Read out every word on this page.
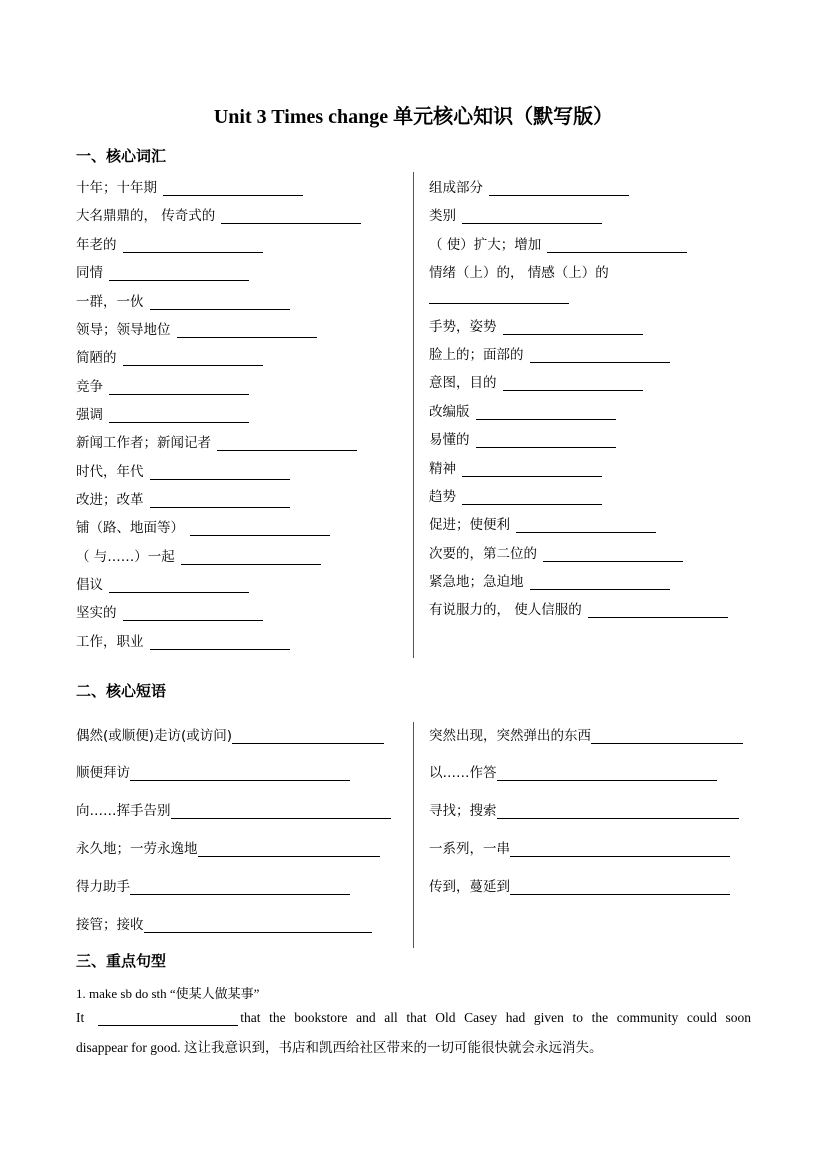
Unit 3 Times change 单元核心知识（默写版）
一、核心词汇
十年；十年期
大名鼎鼎的， 传奇式的
年老的
同情
一群，一伙
领导；领导地位
简陋的
竞争
强调
新闻工作者；新闻记者
时代，年代
改进；改革
铺（路、地面等）
（ 与……）一起
倡议
坚实的
工作，职业
组成部分
类别
（ 使）扩大；增加
情绪（上）的， 情感（上）的
手势，姿势
脸上的；面部的
意图，目的
改编版
易懂的
精神
趋势
促进；使便利
次要的，第二位的
紧急地；急迫地
有说服力的， 使人信服的
二、核心短语
偶然(或顺便)走访(或访问)
顺便拜访
向……挥手告别
永久地；一劳永逸地
得力助手
接管；接收
突然出现，突然弹出的东西
以……作答
寻找；搜索
一系列，一串
传到，蔓延到
三、重点句型
1. make sb do sth “使某人做某事”
It	that the bookstore and all that Old Casey had given to the community could soon
disappear for good. 这让我意识到，书店和凯西给社区带来的一切可能很快就会永远消失。
